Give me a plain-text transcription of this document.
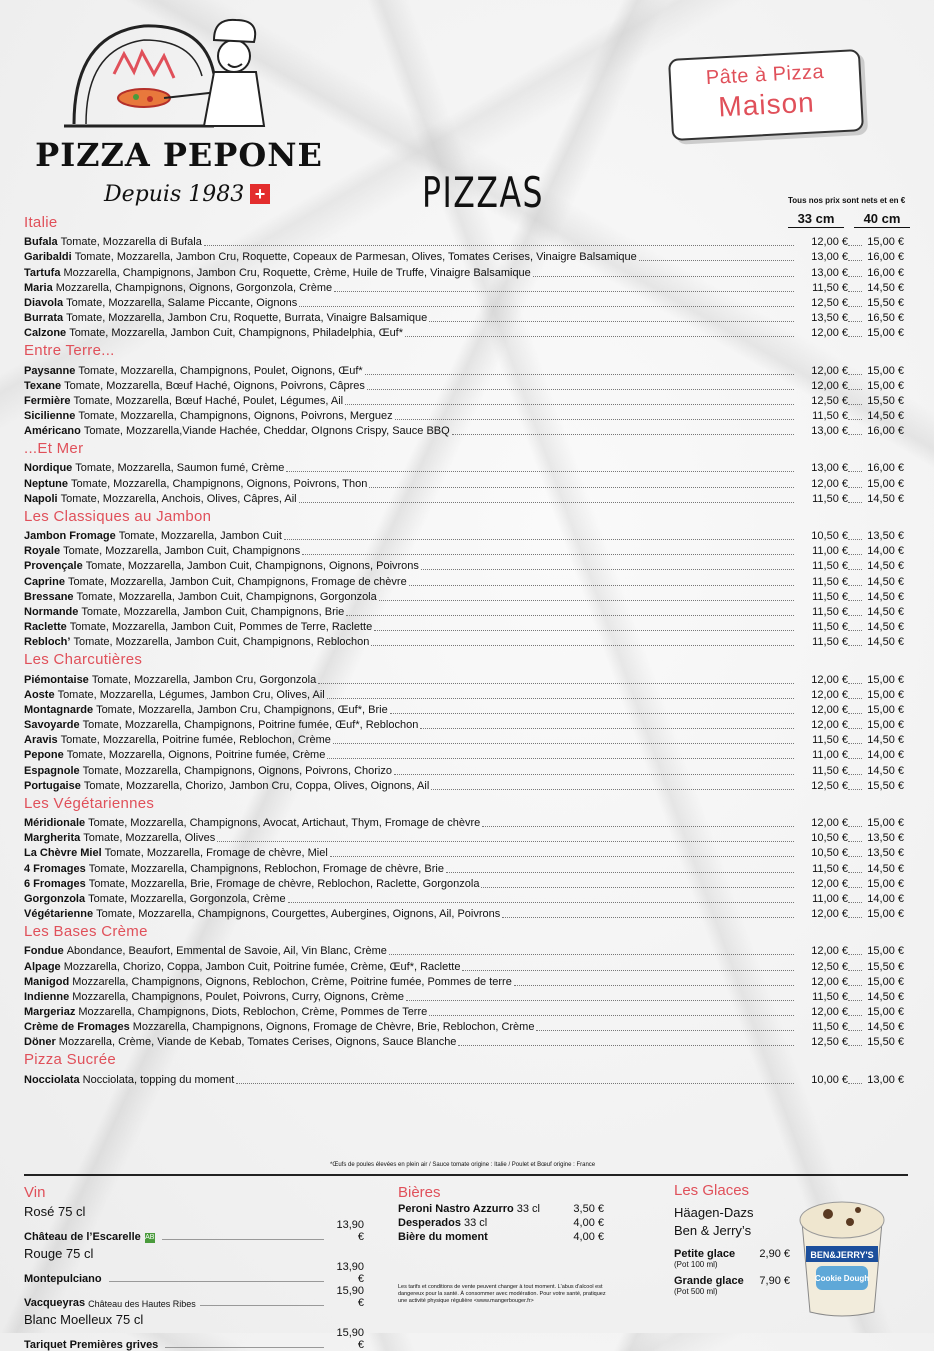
PIZZA PEPONE
Depuis 1983 +
Pâte à Pizza
Maison
PIZZAS	Tous nos prix sont nets et en €
33 cm	40 cm
Italie
Bufala Tomate, Mozzarella di Bufala	12,00 €	15,00 €
Garibaldi Tomate, Mozzarella, Jambon Cru, Roquette, Copeaux de Parmesan, Olives, Tomates Cerises, Vinaigre Balsamique	13,00 €	16,00 €
Tartufa Mozzarella, Champignons, Jambon Cru, Roquette, Crème, Huile de Truffe, Vinaigre Balsamique	13,00 €	16,00 €
Maria Mozzarella, Champignons, Oignons, Gorgonzola, Crème	11,50 €	14,50 €
Diavola Tomate, Mozzarella, Salame Piccante, Oignons	12,50 €	15,50 €
Burrata Tomate, Mozzarella, Jambon Cru, Roquette, Burrata, Vinaigre Balsamique	13,50 €	16,50 €
Calzone Tomate, Mozzarella, Jambon Cuit, Champignons, Philadelphia, Œuf*	12,00 €	15,00 €
Entre Terre...
Paysanne Tomate, Mozzarella, Champignons, Poulet, Oignons, Œuf*	12,00 €	15,00 €
Texane Tomate, Mozzarella, Bœuf Haché, Oignons, Poivrons, Câpres	12,00 €	15,00 €
Fermière Tomate, Mozzarella, Bœuf Haché, Poulet, Légumes, Ail	12,50 €	15,50 €
Sicilienne Tomate, Mozzarella, Champignons, Oignons, Poivrons, Merguez	11,50 €	14,50 €
Américano Tomate, Mozzarella,Viande Hachée, Cheddar, OIgnons Crispy, Sauce BBQ	13,00 €	16,00 €
...Et Mer
Nordique Tomate, Mozzarella, Saumon fumé, Crème	13,00 €	16,00 €
Neptune Tomate, Mozzarella, Champignons, Oignons, Poivrons, Thon	12,00 €	15,00 €
Napoli Tomate, Mozzarella, Anchois, Olives, Câpres, Ail	11,50 €	14,50 €
Les Classiques au Jambon
Jambon Fromage Tomate, Mozzarella, Jambon Cuit	10,50 €	13,50 €
Royale Tomate, Mozzarella, Jambon Cuit, Champignons	11,00 €	14,00 €
Provençale Tomate, Mozzarella, Jambon Cuit, Champignons, Oignons, Poivrons	11,50 €	14,50 €
Caprine Tomate, Mozzarella, Jambon Cuit, Champignons, Fromage de chèvre	11,50 €	14,50 €
Bressane Tomate, Mozzarella, Jambon Cuit, Champignons, Gorgonzola	11,50 €	14,50 €
Normande Tomate, Mozzarella, Jambon Cuit, Champignons, Brie	11,50 €	14,50 €
Raclette Tomate, Mozzarella, Jambon Cuit, Pommes de Terre, Raclette	11,50 €	14,50 €
Rebloch’ Tomate, Mozzarella, Jambon Cuit, Champignons, Reblochon	11,50 €	14,50 €
Les Charcutières
Piémontaise Tomate, Mozzarella, Jambon Cru, Gorgonzola	12,00 €	15,00 €
Aoste Tomate, Mozzarella, Légumes, Jambon Cru, Olives, Ail	12,00 €	15,00 €
Montagnarde Tomate, Mozzarella, Jambon Cru, Champignons, Œuf*, Brie	12,00 €	15,00 €
Savoyarde Tomate, Mozzarella, Champignons, Poitrine fumée, Œuf*, Reblochon	12,00 €	15,00 €
Aravis Tomate, Mozzarella, Poitrine fumée, Reblochon, Crème	11,50 €	14,50 €
Pepone Tomate, Mozzarella, Oignons, Poitrine fumée, Crème	11,00 €	14,00 €
Espagnole Tomate, Mozzarella, Champignons, Oignons, Poivrons, Chorizo	11,50 €	14,50 €
Portugaise Tomate, Mozzarella, Chorizo, Jambon Cru, Coppa, Olives, Oignons, Ail	12,50 €	15,50 €
Les Végétariennes
Méridionale Tomate, Mozzarella, Champignons, Avocat, Artichaut, Thym, Fromage de chèvre	12,00 €	15,00 €
Margherita Tomate, Mozzarella, Olives	10,50 €	13,50 €
La Chèvre Miel Tomate, Mozzarella, Fromage de chèvre, Miel	10,50 €	13,50 €
4 Fromages Tomate, Mozzarella, Champignons, Reblochon, Fromage de chèvre, Brie	11,50 €	14,50 €
6 Fromages Tomate, Mozzarella, Brie, Fromage de chèvre, Reblochon, Raclette, Gorgonzola	12,00 €	15,00 €
Gorgonzola Tomate, Mozzarella, Gorgonzola, Crème	11,00 €	14,00 €
Végétarienne Tomate, Mozzarella, Champignons, Courgettes, Aubergines, Oignons, Ail, Poivrons	12,00 €	15,00 €
Les Bases Crème
Fondue Abondance, Beaufort, Emmental de Savoie, Ail, Vin Blanc, Crème	12,00 €	15,00 €
Alpage Mozzarella, Chorizo, Coppa, Jambon Cuit, Poitrine fumée, Crème, Œuf*, Raclette	12,50 €	15,50 €
Manigod Mozzarella, Champignons, Oignons, Reblochon, Crème, Poitrine fumée, Pommes de terre	12,00 €	15,00 €
Indienne Mozzarella, Champignons, Poulet, Poivrons, Curry, Oignons, Crème	11,50 €	14,50 €
Margeriaz Mozzarella, Champignons, Diots, Reblochon, Crème, Pommes de Terre	12,00 €	15,00 €
Crème de Fromages Mozzarella, Champignons, Oignons, Fromage de Chèvre, Brie, Reblochon, Crème	11,50 €	14,50 €
Döner Mozzarella, Crème, Viande de Kebab, Tomates Cerises, Oignons, Sauce Blanche	12,50 €	15,50 €
Pizza Sucrée
Nocciolata Nocciolata, topping du moment	10,00 €	13,00 €
*Œufs de poules élevées en plein air / Sauce tomate origine : Italie / Poulet et Bœuf origine : France
Vin
Rosé 75 cl
Château de l’Escarelle AB
13,90 €
Rouge 75 cl
Montepulciano
13,90 €
Vacqueyras Château des Hautes Ribes
15,90 €
Blanc Moelleux 75 cl
Tariquet Premières grives
15,90 €
Bières
Peroni Nastro Azzurro 33 cl	3,50 €
Desperados 33 cl	4,00 €
Bière du moment	4,00 €
Les tarifs et conditions de vente peuvent changer à tout moment. L'abus d'alcool est dangereux pour la santé. À consommer avec modération. Pour votre santé, pratiquez une activité physique régulière <www.mangerbouger.fr>
Les Glaces
Häagen-Dazs
Ben & Jerry’s
Petite glace 2,90 €
(Pot 100 ml)
Grande glace 7,90 €
(Pot 500 ml)
BEN&JERRY'S
Cookie Dough
